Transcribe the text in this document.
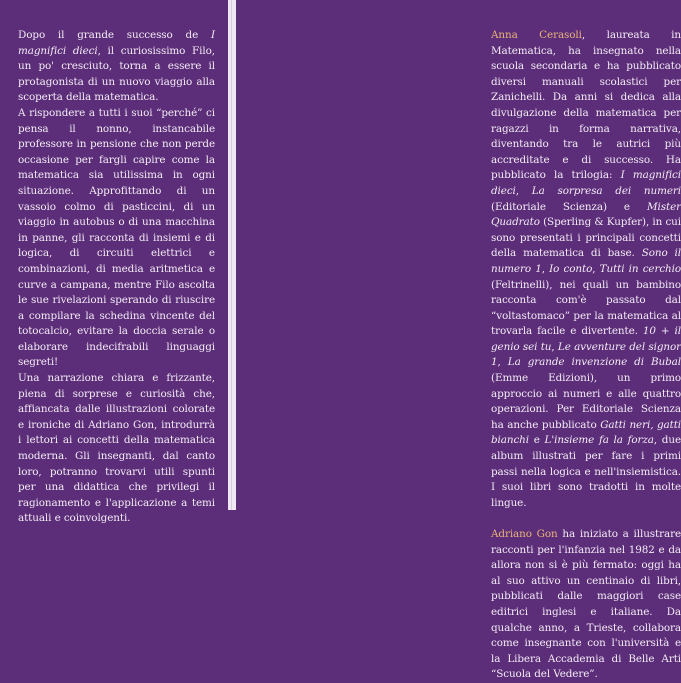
Dopo il grande successo de I magnifici dieci, il curiosissimo Filo, un po' cresciuto, torna a essere il protagonista di un nuovo viaggio alla scoperta della matematica.

A rispondere a tutti i suoi “perché” ci pensa il nonno, instancabile professore in pensione che non perde occasione per fargli capire come la matematica sia utilissima in ogni situazione. Approfittando di un vassoio colmo di pasticcini, di un viaggio in autobus o di una macchina in panne, gli racconta di insiemi e di logica, di circuiti elettrici e combinazioni, di media aritmetica e curve a campana, mentre Filo ascolta le sue rivelazioni sperando di riuscire a compilare la schedina vincente del totocalcio, evitare la doccia serale o elaborare indecifrabili linguaggi segreti!

Una narrazione chiara e frizzante, piena di sorprese e curiosità che, affiancata dalle illustrazioni colorate e ironiche di Adriano Gon, introdurrà i lettori ai concetti della matematica moderna. Gli insegnanti, dal canto loro, potranno trovarvi utili spunti per una didattica che privilegi il ragionamento e l'applicazione a temi attuali e coinvolgenti.

Anna Cerasoli, laureata in Matematica, ha insegnato nella scuola secondaria e ha pubblicato diversi manuali scolastici per Zanichelli. Da anni si dedica alla divulgazione della matematica per ragazzi in forma narrativa, diventando tra le autrici più accreditate e di successo. Ha pubblicato la trilogia: I magnifici dieci, La sorpresa dei numeri (Editoriale Scienza) e Mister Quadrato (Sperling & Kupfer), in cui sono presentati i principali concetti della matematica di base. Sono il numero 1, Io conto, Tutti in cerchio (Feltrinelli), nei quali un bambino racconta com'è passato dal “voltastomaco” per la matematica al trovarla facile e divertente. 10 + il genio sei tu, Le avventure del signor 1, La grande invenzione di Bubal (Emme Edizioni), un primo approccio ai numeri e alle quattro operazioni. Per Editoriale Scienza ha anche pubblicato Gatti neri, gatti bianchi e L'insieme fa la forza, due album illustrati per fare i primi passi nella logica e nell'insiemistica. I suoi libri sono tradotti in molte lingue.

Adriano Gon ha iniziato a illustrare racconti per l'infanzia nel 1982 e da allora non si è più fermato: oggi ha al suo attivo un centinaio di libri, pubblicati dalle maggiori case editrici inglesi e italiane. Da qualche anno, a Trieste, collabora come insegnante con l'università e la Libera Accademia di Belle Arti “Scuola del Vedere”.
